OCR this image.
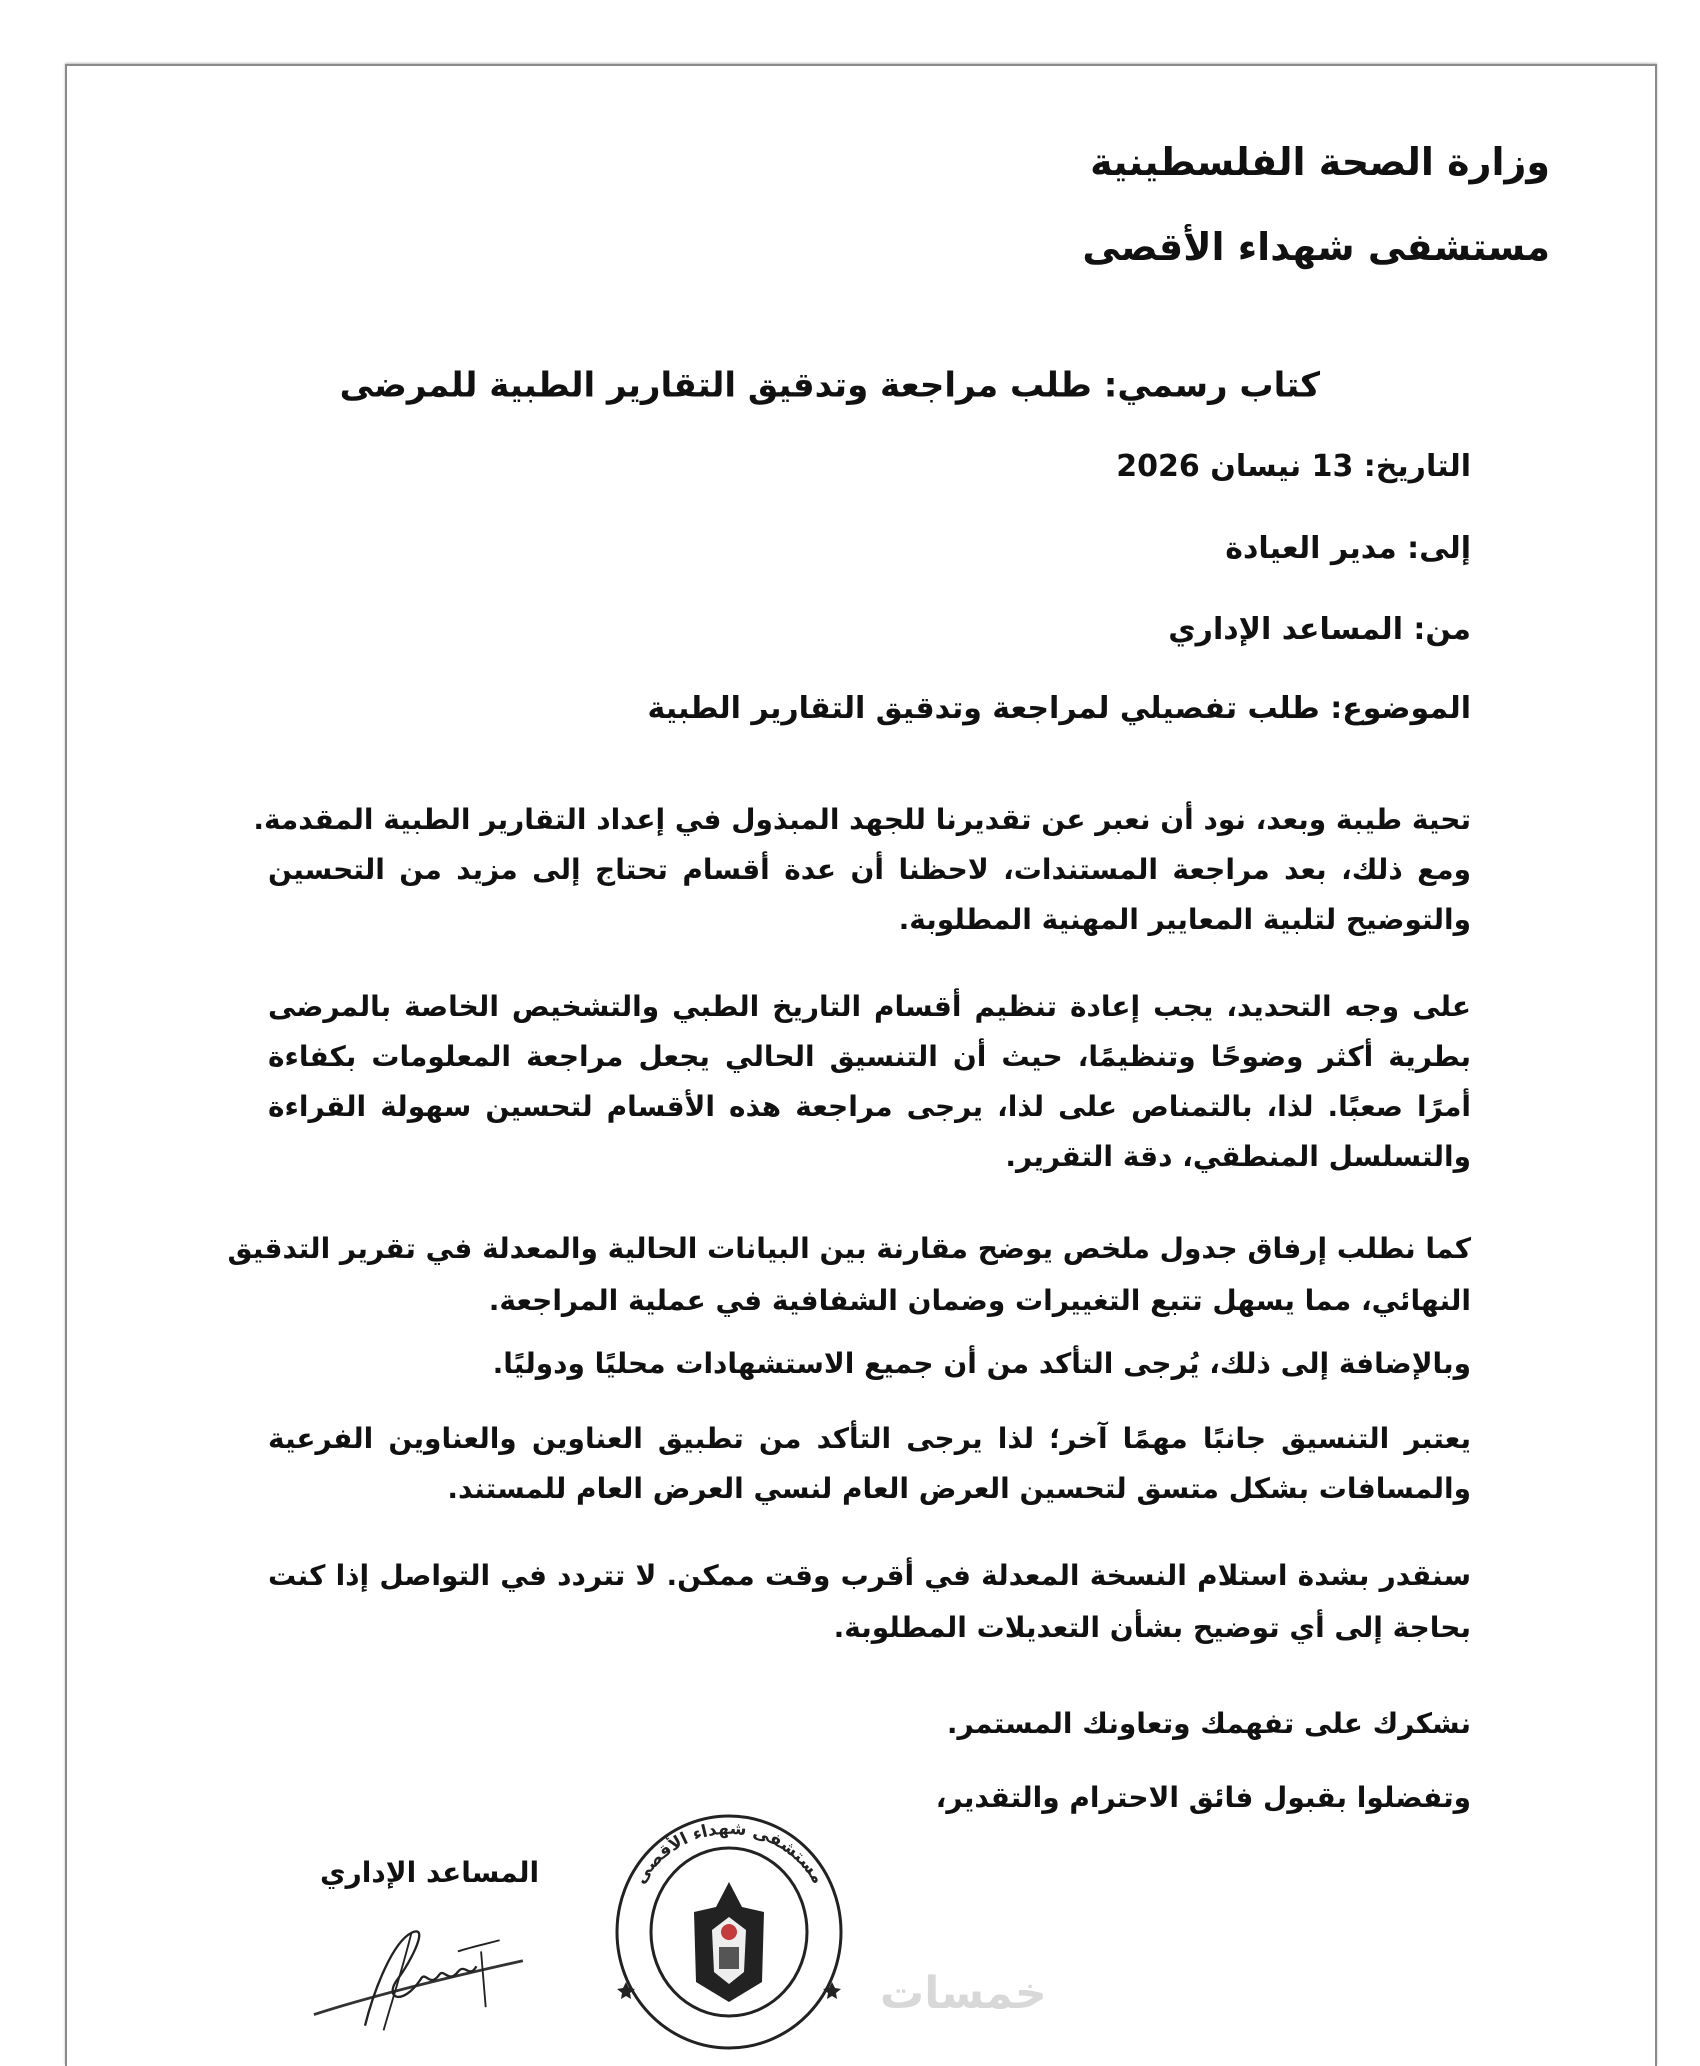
وزارة الصحة الفلسطينية
مستشفى شهداء الأقصى
كتاب رسمي: طلب مراجعة وتدقيق التقارير الطبية للمرضى
التاريخ: 13 نيسان 2026
إلى: مدير العيادة
من: المساعد الإداري
الموضوع: طلب تفصيلي لمراجعة وتدقيق التقارير الطبية
تحية طيبة وبعد، نود أن نعبر عن تقديرنا للجهد المبذول في إعداد التقارير الطبية المقدمة.
ومع ذلك، بعد مراجعة المستندات، لاحظنا أن عدة أقسام تحتاج إلى مزيد من التحسين
والتوضيح لتلبية المعايير المهنية المطلوبة.
على وجه التحديد، يجب إعادة تنظيم أقسام التاريخ الطبي والتشخيص الخاصة بالمرضى
بطرية أكثر وضوحًا وتنظيمًا، حيث أن التنسيق الحالي يجعل مراجعة المعلومات بكفاءة
أمرًا صعبًا. لذا، بالتمناص على لذا، يرجى مراجعة هذه الأقسام لتحسين سهولة القراءة
والتسلسل المنطقي، دقة التقرير.
كما نطلب إرفاق جدول ملخص يوضح مقارنة بين البيانات الحالية والمعدلة في تقرير التدقيق
النهائي، مما يسهل تتبع التغييرات وضمان الشفافية في عملية المراجعة.
وبالإضافة إلى ذلك، يُرجى التأكد من أن جميع الاستشهادات محليًا ودوليًا.
يعتبر التنسيق جانبًا مهمًا آخر؛ لذا يرجى التأكد من تطبيق العناوين والعناوين الفرعية
والمسافات بشكل متسق لتحسين العرض العام لنسي العرض العام للمستند.
سنقدر بشدة استلام النسخة المعدلة في أقرب وقت ممكن. لا تتردد في التواصل إذا كنت
بحاجة إلى أي توضيح بشأن التعديلات المطلوبة.
نشكرك على تفهمك وتعاونك المستمر.
وتفضلوا بقبول فائق الاحترام والتقدير،
المساعد الإداري	مستشفى شهداء الأقصى
خمسات
